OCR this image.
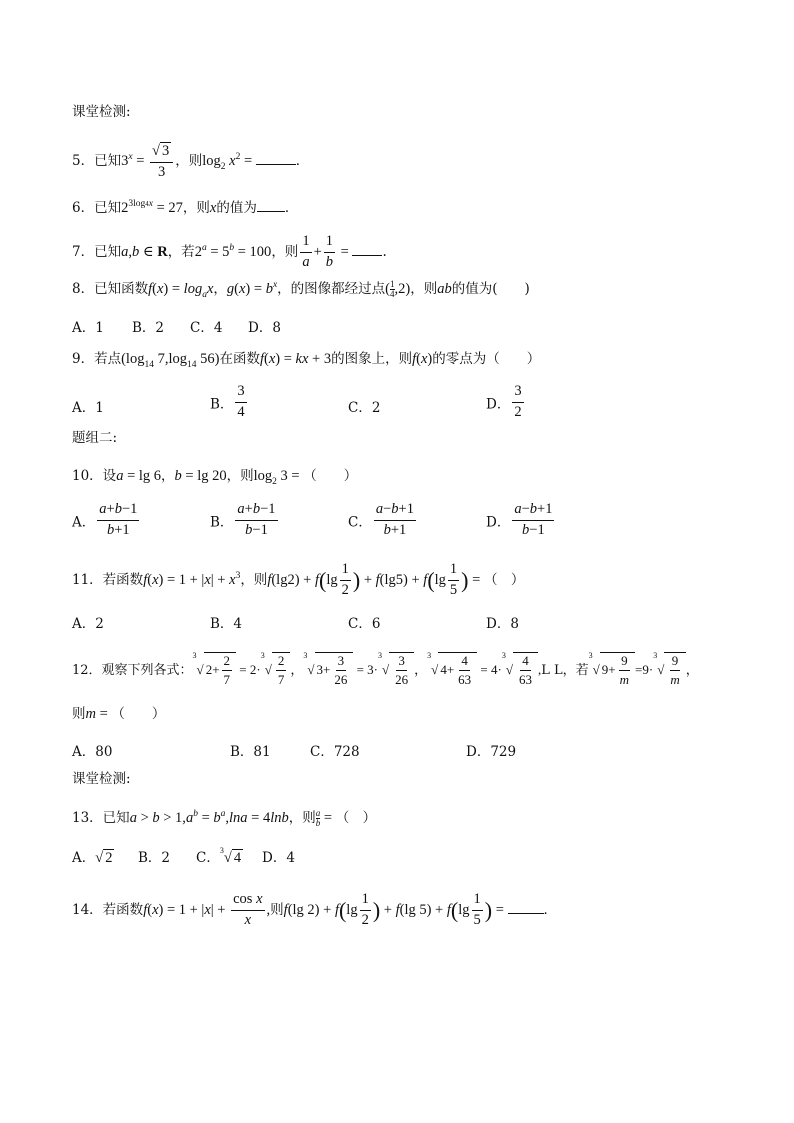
课堂检测:
5．已知$3^x = \frac{√ 3}{3}$ ，则$\log_2 x^2$ =	．
6．已知$2^{3log4x} = 27$，则x的值为 ．
7．已知a,b ∈ R，若$2^a = 5^b = 100$，则 $\frac{1}{a} + \frac{1}{b}$ = .
8．已知函数$f(x) = \log_ax$，$g(x) = b^x$，的图像都经过点( $\frac{1}{4} ,2$)，则ab的值为(　　)
A．1 B．2 C．4 D．8
9．若点($\log_{14}$ $7,\log_{14}$ 56)在函数f(x) = kx + 3的图象上，则f(x)的零点为（　　）
A．1	B． $\frac{3}{4}$	C．2	D． $\frac{3}{2}$
题组二:
10．设a = lg 6，b = lg 20，则$\log_2 3$ = （　　）
A． $\frac{a+b-1}{b+1}$	B． $\frac{a+b-1}{b-1}$	C． $\frac{a-b+1}{b+1}$	D． $\frac{a-b+1}{b-1}$
11．若函数$f(x) = 1 + |x| + x^3$，则$f(\lg 2) + f(\lg \frac{1}{2}$ ) + $f(\lg 5) + f(\lg \frac{1}{5}$ ) = （　）
A．2	B．4	C．6	D．8
12．观察下列各式：$^3$√ $2+ \frac{2}{7} = 2\cdot^3√ \frac{2}{7}$ ，$^3$√ $3+ \frac{3}{26} = 3\cdot^3√ \frac{3}{26}$ ，$^3$√ $4+ \frac{4}{63} = 4\cdot^3√ \frac{4}{63} ,L$ L，若$^3$√ $9+ \frac{9}{m} =9\cdot^3√ \frac{9}{m}$ ，
则m = （　　）
A．80	B．81	C．728	D．729
课堂检测:
13．已知$a > b > 1,a^b = b^a,\ln a = 4\ln b$，则 $\frac{a}{b}$ = （　）
A．√ 2 B．2 C．$^3$√ 4 D．4
14．若函数$f(x) = 1 + |x| + \frac{\text{cos x}}{x}$ ,则f(lg $2) + f(\lg \frac{1}{2}$ ) + f(lg $5) + f(\lg \frac{1}{5}$ ) =	．
